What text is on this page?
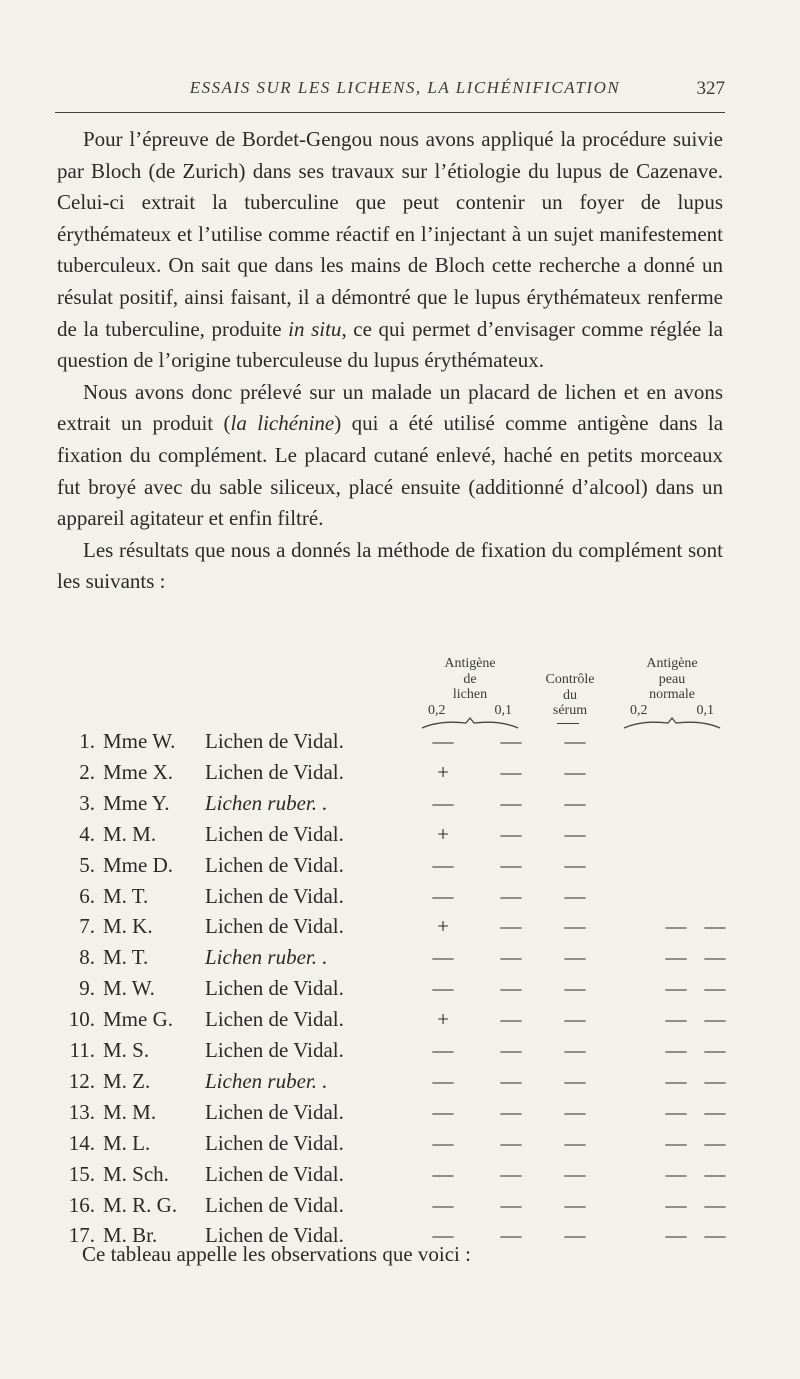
ESSAIS SUR LES LICHENS, LA LICHÉNIFICATION	327

Pour l’épreuve de Bordet-Gengou nous avons appliqué la procédure suivie par Bloch (de Zurich) dans ses travaux sur l’étiologie du lupus de Cazenave. Celui-ci extrait la tuberculine que peut contenir un foyer de lupus érythémateux et l’utilise comme réactif en l’injectant à un sujet manifestement tuberculeux. On sait que dans les mains de Bloch cette recherche a donné un résulat positif, ainsi faisant, il a démontré que le lupus érythémateux renferme de la tuberculine, produite in situ, ce qui permet d’envisager comme réglée la question de l’origine tuberculeuse du lupus érythémateux.

Nous avons donc prélevé sur un malade un placard de lichen et en avons extrait un produit (la lichénine) qui a été utilisé comme antigène dans la fixation du complément. Le placard cutané enlevé, haché en petits morceaux fut broyé avec du sable siliceux, placé ensuite (additionné d’alcool) dans un appareil agitateur et enfin filtré.

Les résultats que nous a donnés la méthode de fixation du complément sont les suivants :

Antigène
de
lichen
0,2	0,1
Contrôle
du
sérum
Antigène
peau
normale
0,2	0,1
1. Mme W. Lichen de Vidal.	— — —
2. Mme X. Lichen de Vidal.	+	— —
3. Mme Y. Lichen ruber. .	— — —
4. M. M. Lichen de Vidal.	+	— —
5. Mme D. Lichen de Vidal.	— — —
6. M. T.	Lichen de Vidal.	— — —
7. M. K. Lichen de Vidal.	+	— —	— —
8. M. T.	Lichen ruber. .	— — —	— —
9. M. W. Lichen de Vidal.	— — —	— —
10. Mme G. Lichen de Vidal.	+	— —	— —
11. M. S.	Lichen de Vidal.	— — —	— —
12. M. Z.	Lichen ruber. .	— — —	— —
13. M. M. Lichen de Vidal.	— — —	— —
14. M. L.	Lichen de Vidal.	— — —	— —
15. M. Sch. Lichen de Vidal.	— — —	— —
16. M. R. G. Lichen de Vidal.	— — —	— —
17. M. Br. Lichen de Vidal.	— — —	— —
Ce tableau appelle les observations que voici :
